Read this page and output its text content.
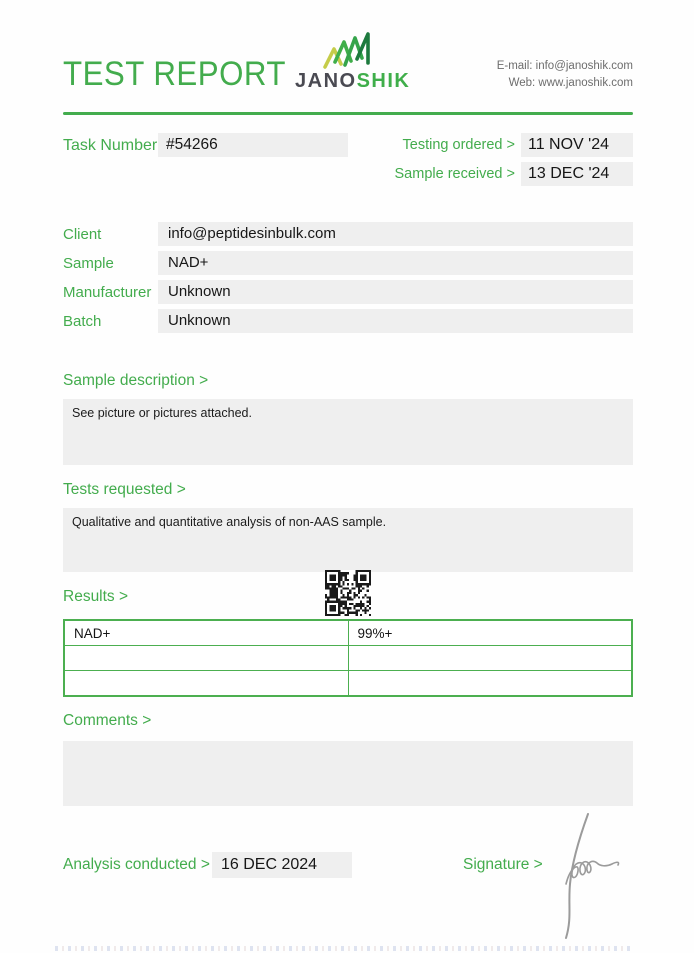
TEST REPORT JANOSHIK
E-mail: info@janoshik.com
Web: www.janoshik.com
Task Number #54266	Testing ordered > 11 NOV '24
Sample received > 13 DEC '24
Client	info@peptidesinbulk.com
Sample	NAD+
Manufacturer	Unknown
Batch	Unknown
Sample description >
See picture or pictures attached.
Tests requested >
Qualitative and quantitative analysis of non-AAS sample.
Results >
NAD+	99%+

Comments >
Analysis conducted > 16 DEC 2024	Signature >
